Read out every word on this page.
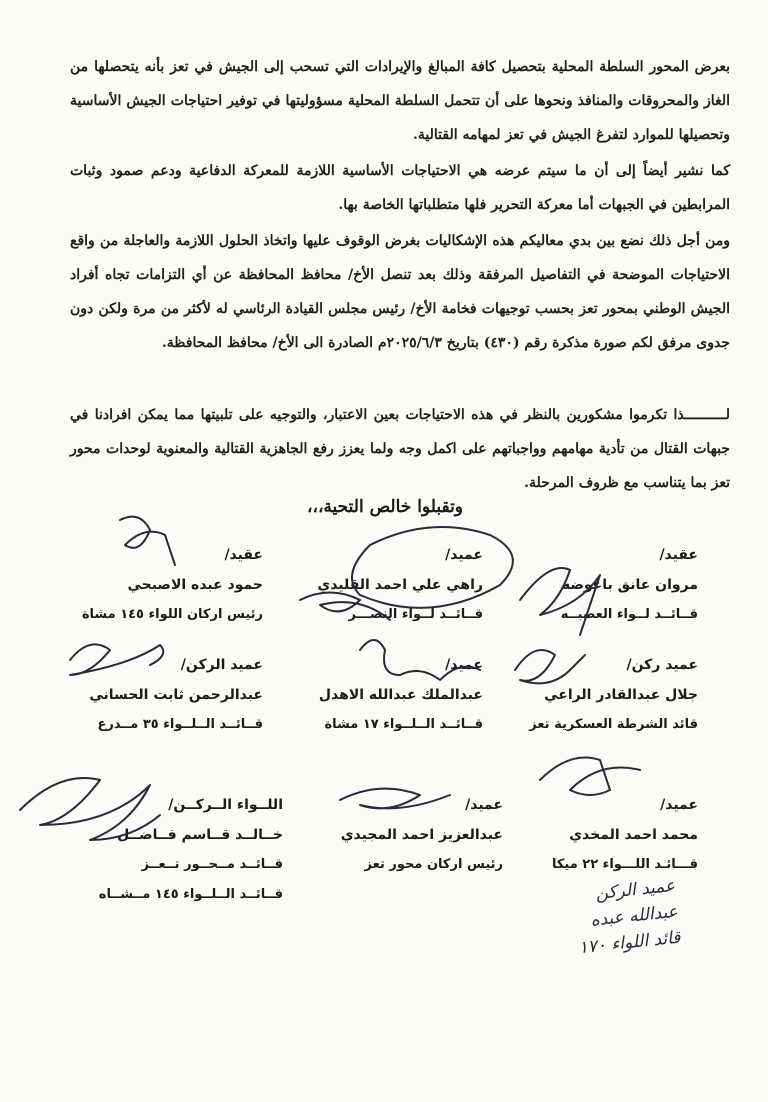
بعرض المحور السلطة المحلية بتحصيل كافة المبالغ والإيرادات التي تسحب إلى الجيش في تعز بأنه يتحصلها من الغاز والمحروقات والمنافذ ونحوها على أن تتحمل السلطة المحلية مسؤوليتها في توفير احتياجات الجيش الأساسية وتحصيلها للموارد لتفرغ الجيش في تعز لمهامه القتالية.
كما نشير أيضاً إلى أن ما سيتم عرضه هي الاحتياجات الأساسية اللازمة للمعركة الدفاعية ودعم صمود وثبات المرابطين في الجبهات أما معركة التحرير فلها متطلباتها الخاصة بها.
ومن أجل ذلك نضع بين بدي معاليكم هذه الإشكاليات بغرض الوقوف عليها واتخاذ الحلول اللازمة والعاجلة من واقع الاحتياجات الموضحة في التفاصيل المرفقة وذلك بعد تنصل الأخ/ محافظ المحافظة عن أي التزامات تجاه أفراد الجيش الوطني بمحور تعز بحسب توجيهات فخامة الأخ/ رئيس مجلس القيادة الرئاسي له لأكثر من مرة ولكن دون جدوى مرفق لكم صورة مذكرة رقم (٤٣٠) بتاريخ ٢٠٢٥/٦/٣م الصادرة الى الأخ/ محافظ المحافظة.
لــــــــــذا تكرموا مشكورين بالنظر في هذه الاحتياجات بعين الاعتبار، والتوجيه على تلبيتها مما يمكن افرادنا في جبهات القتال من تأدية مهامهم وواجباتهم على اكمل وجه ولما يعزز رفع الجاهزية القتالية والمعنوية لوحدات محور تعز بما يتناسب مع ظروف المرحلة.
وتقبلوا خالص التحية،،،
عقيد/
مروان عانق باعوضه
قــائــد لــواء العصبــه
عميد/
راهي علي احمد القليدي
قــائــد لــواء النصـــر
عقيد/
حمود عبده الاصبحي
رئيس اركان اللواء ١٤٥ مشاة
عميد ركن/
جلال عبدالقادر الراعي
قائد الشرطة العسكرية تعز
عميد/
عبدالملك عبدالله الاهدل
قــائــد الــلــواء ١٧ مشاة
عميد الركن/
عبدالرحمن ثابت الحساني
قــائــد الــلــواء ٣٥ مــدرع
عميد/
محمد احمد المخدي
قـــائـد اللـــواء ٢٢ ميكا
عميد/
عبدالعزيز احمد المجيدي
رئيس اركان محور تعز
اللــواء الــركــن/
خــالــد قــاسم فــاضــل
قــائــد مــحــور تــعــز
قــائــد الــلــواء ١٤٥ مــشــاه	عميد الركن
عبدالله عبده
قائد اللواء ١٧٠
